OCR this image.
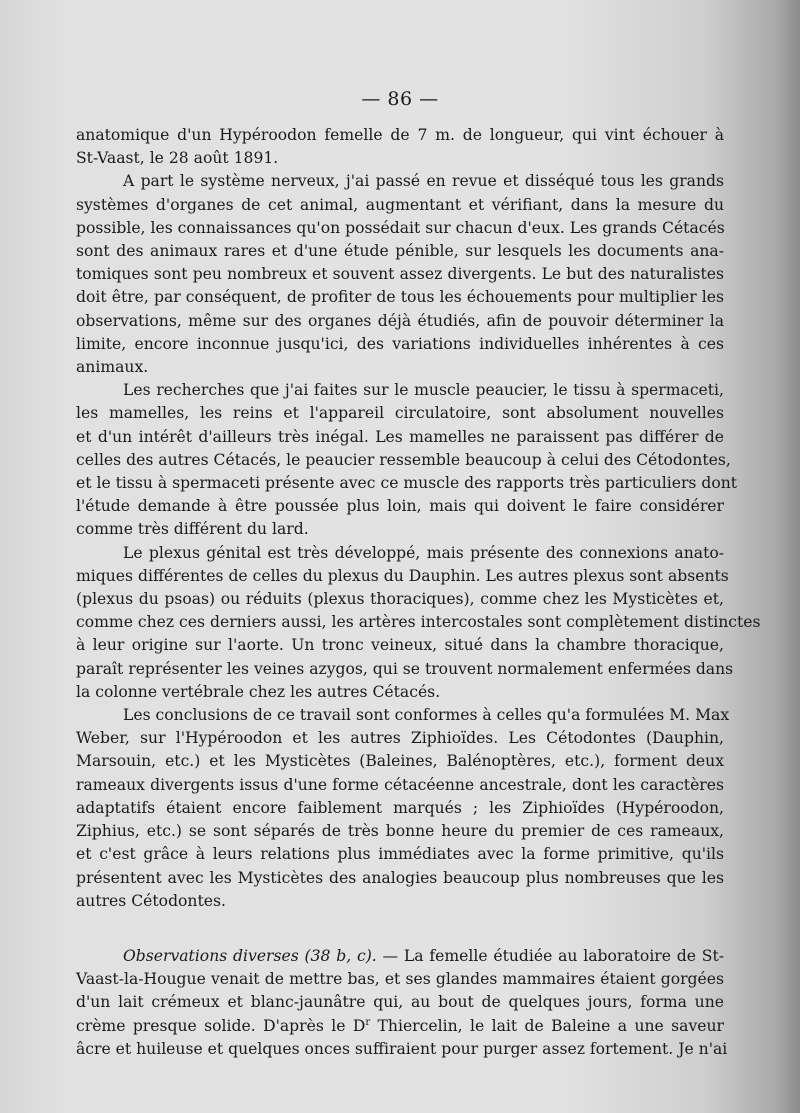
— 86 —
anatomique d'un Hypéroodon femelle de 7 m. de longueur, qui vint échouer à
St-Vaast, le 28 août 1891.
A part le système nerveux, j'ai passé en revue et disséqué tous les grands
systèmes d'organes de cet animal, augmentant et vérifiant, dans la mesure du
possible, les connaissances qu'on possédait sur chacun d'eux. Les grands Cétacés
sont des animaux rares et d'une étude pénible, sur lesquels les documents ana-
tomiques sont peu nombreux et souvent assez divergents. Le but des naturalistes
doit être, par conséquent, de profiter de tous les échouements pour multiplier les
observations, même sur des organes déjà étudiés, afin de pouvoir déterminer la
limite, encore inconnue jusqu'ici, des variations individuelles inhérentes à ces
animaux.
Les recherches que j'ai faites sur le muscle peaucier, le tissu à spermaceti,
les mamelles, les reins et l'appareil circulatoire, sont absolument nouvelles
et d'un intérêt d'ailleurs très inégal. Les mamelles ne paraissent pas différer de
celles des autres Cétacés, le peaucier ressemble beaucoup à celui des Cétodontes,
et le tissu à spermaceti présente avec ce muscle des rapports très particuliers dont
l'étude demande à être poussée plus loin, mais qui doivent le faire considérer
comme très différent du lard.
Le plexus génital est très développé, mais présente des connexions anato-
miques différentes de celles du plexus du Dauphin. Les autres plexus sont absents
(plexus du psoas) ou réduits (plexus thoraciques), comme chez les Mysticètes et,
comme chez ces derniers aussi, les artères intercostales sont complètement distinctes
à leur origine sur l'aorte. Un tronc veineux, situé dans la chambre thoracique,
paraît représenter les veines azygos, qui se trouvent normalement enfermées dans
la colonne vertébrale chez les autres Cétacés.
Les conclusions de ce travail sont conformes à celles qu'a formulées M. Max
Weber, sur l'Hypéroodon et les autres Ziphioïdes. Les Cétodontes (Dauphin,
Marsouin, etc.) et les Mysticètes (Baleines, Balénoptères, etc.), forment deux
rameaux divergents issus d'une forme cétacéenne ancestrale, dont les caractères
adaptatifs étaient encore faiblement marqués ; les Ziphioïdes (Hypéroodon,
Ziphius, etc.) se sont séparés de très bonne heure du premier de ces rameaux,
et c'est grâce à leurs relations plus immédiates avec la forme primitive, qu'ils
présentent avec les Mysticètes des analogies beaucoup plus nombreuses que les
autres Cétodontes.
Observations diverses (38 b, c). — La femelle étudiée au laboratoire de St-
Vaast-la-Hougue venait de mettre bas, et ses glandes mammaires étaient gorgées
d'un lait crémeux et blanc-jaunâtre qui, au bout de quelques jours, forma une
crème presque solide. D'après le $D^r$ Thiercelin, le lait de Baleine a une saveur
âcre et huileuse et quelques onces suffiraient pour purger assez fortement. Je n'ai
